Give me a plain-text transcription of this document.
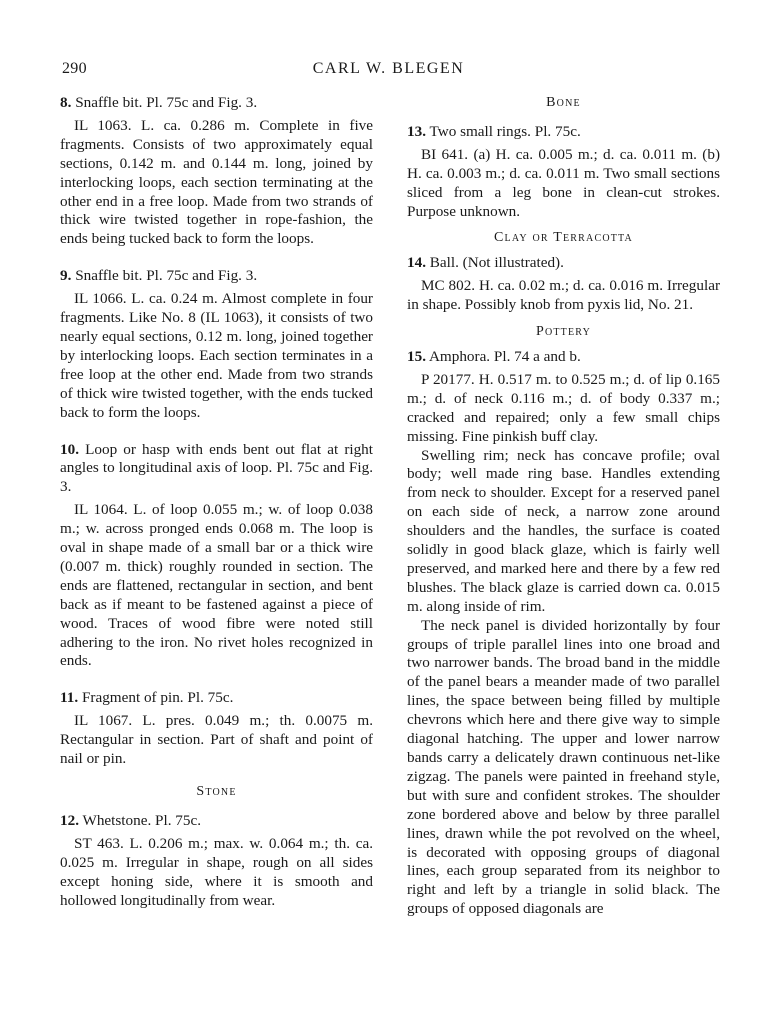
290	CARL W. BLEGEN

8. Snaffle bit. Pl. 75c and Fig. 3.

IL 1063. L. ca. 0.286 m. Complete in five fragments. Consists of two approximately equal sections, 0.142 m. and 0.144 m. long, joined by interlocking loops, each section terminating at the other end in a free loop. Made from two strands of thick wire twisted together in rope-fashion, the ends being tucked back to form the loops.

9. Snaffle bit. Pl. 75c and Fig. 3.

IL 1066. L. ca. 0.24 m. Almost complete in four fragments. Like No. 8 (IL 1063), it consists of two nearly equal sections, 0.12 m. long, joined together by interlocking loops. Each section terminates in a free loop at the other end. Made from two strands of thick wire twisted together, with the ends tucked back to form the loops.

10. Loop or hasp with ends bent out flat at right angles to longitudinal axis of loop. Pl. 75c and Fig. 3.

IL 1064. L. of loop 0.055 m.; w. of loop 0.038 m.; w. across pronged ends 0.068 m. The loop is oval in shape made of a small bar or a thick wire (0.007 m. thick) roughly rounded in section. The ends are flattened, rectangular in section, and bent back as if meant to be fastened against a piece of wood. Traces of wood fibre were noted still adhering to the iron. No rivet holes recognized in ends.

11. Fragment of pin. Pl. 75c.

IL 1067. L. pres. 0.049 m.; th. 0.0075 m. Rectangular in section. Part of shaft and point of nail or pin.

Stone

12. Whetstone. Pl. 75c.

ST 463. L. 0.206 m.; max. w. 0.064 m.; th. ca. 0.025 m. Irregular in shape, rough on all sides except honing side, where it is smooth and hollowed longitudinally from wear.

Bone

13. Two small rings. Pl. 75c.

BI 641. (a) H. ca. 0.005 m.; d. ca. 0.011 m. (b) H. ca. 0.003 m.; d. ca. 0.011 m. Two small sections sliced from a leg bone in clean-cut strokes. Purpose unknown.

Clay or Terracotta

14. Ball. (Not illustrated).

MC 802. H. ca. 0.02 m.; d. ca. 0.016 m. Irregular in shape. Possibly knob from pyxis lid, No. 21.

Pottery

15. Amphora. Pl. 74 a and b.

P 20177. H. 0.517 m. to 0.525 m.; d. of lip 0.165 m.; d. of neck 0.116 m.; d. of body 0.337 m.; cracked and repaired; only a few small chips missing. Fine pinkish buff clay.

Swelling rim; neck has concave profile; oval body; well made ring base. Handles extending from neck to shoulder. Except for a reserved panel on each side of neck, a narrow zone around shoulders and the handles, the surface is coated solidly in good black glaze, which is fairly well preserved, and marked here and there by a few red blushes. The black glaze is carried down ca. 0.015 m. along inside of rim.

The neck panel is divided horizontally by four groups of triple parallel lines into one broad and two narrower bands. The broad band in the middle of the panel bears a meander made of two parallel lines, the space between being filled by multiple chevrons which here and there give way to simple diagonal hatching. The upper and lower narrow bands carry a delicately drawn continuous net-like zigzag. The panels were painted in freehand style, but with sure and confident strokes. The shoulder zone bordered above and below by three parallel lines, drawn while the pot revolved on the wheel, is decorated with opposing groups of diagonal lines, each group separated from its neighbor to right and left by a triangle in solid black. The groups of opposed diagonals are
